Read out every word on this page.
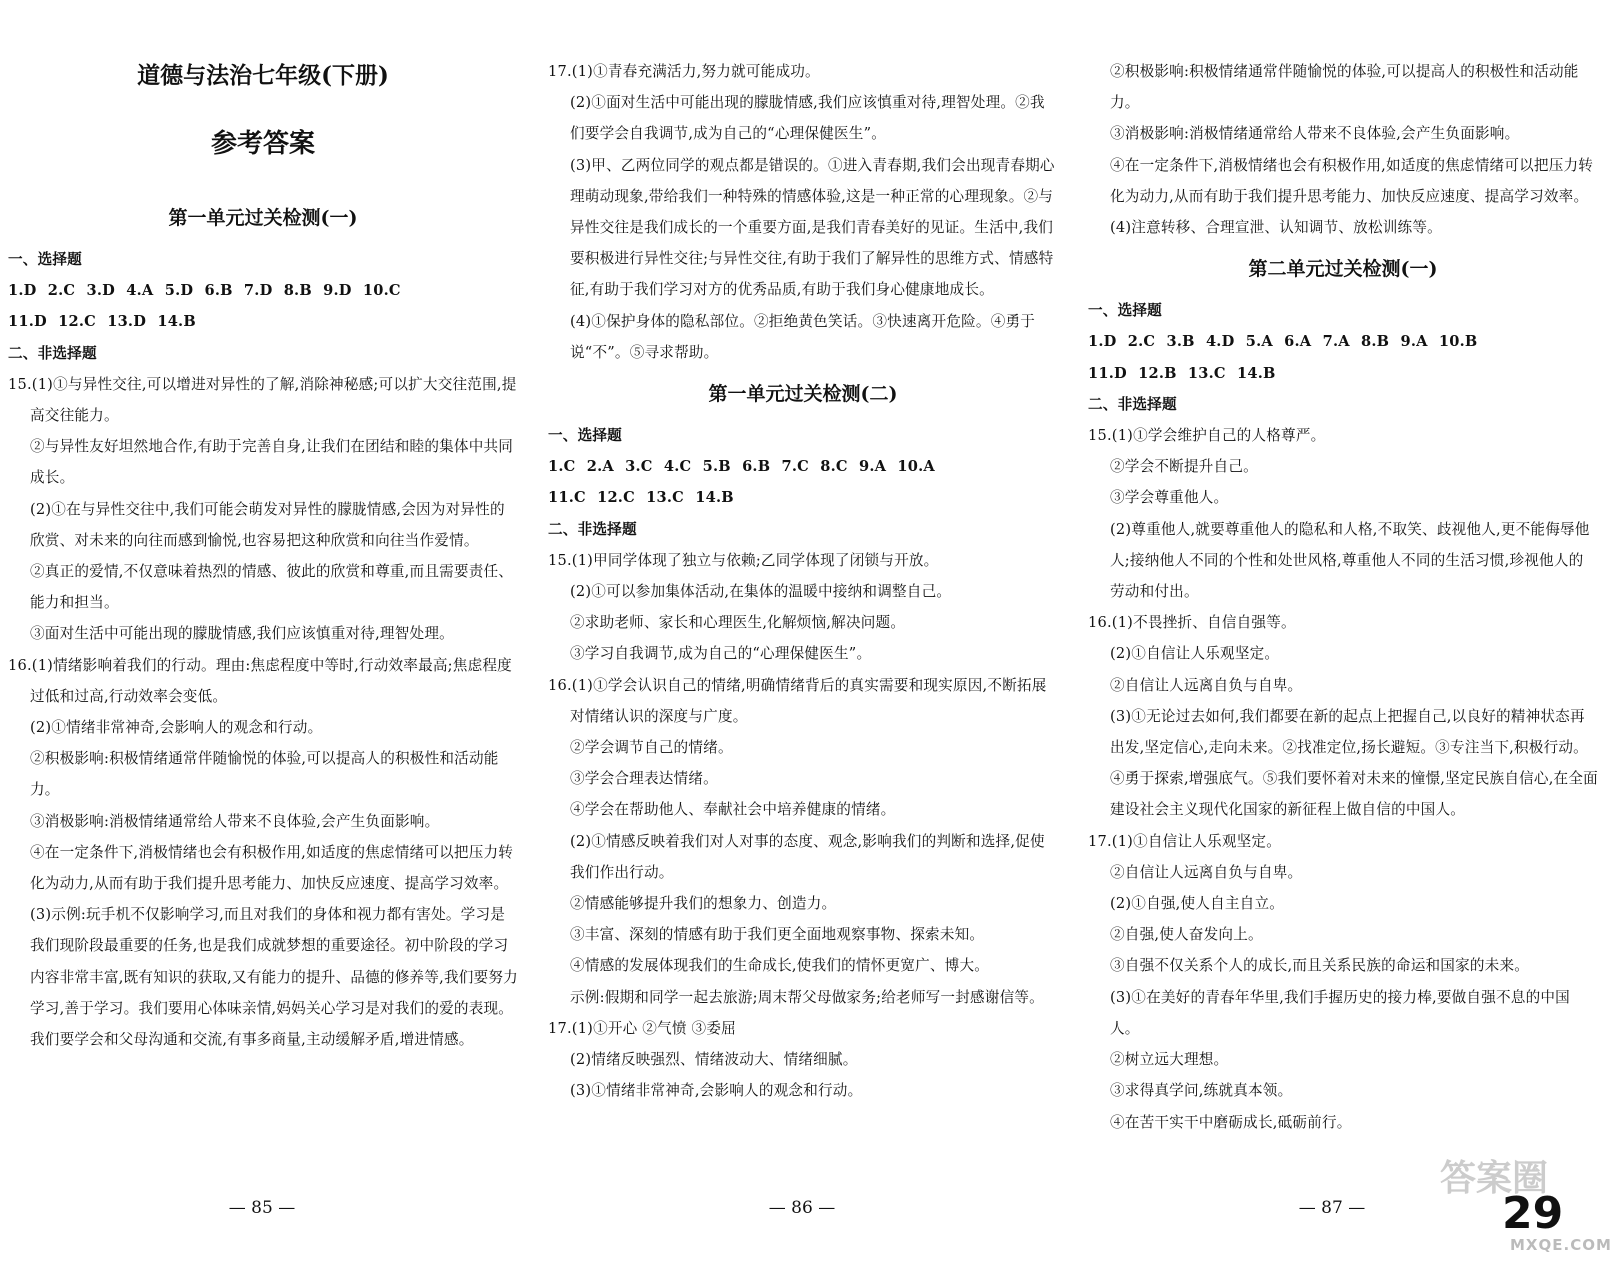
道德与法治七年级(下册)
参考答案
第一单元过关检测(一)
一、选择题
1.D 2.C 3.D 4.A 5.D 6.B 7.D 8.B 9.D 10.C
11.D 12.C 13.D 14.B
二、非选择题
15.(1)①与异性交往,可以增进对异性的了解,消除神秘感;可以扩大交往范围,提高交往能力。
②与异性友好坦然地合作,有助于完善自身,让我们在团结和睦的集体中共同成长。
(2)①在与异性交往中,我们可能会萌发对异性的朦胧情感,会因为对异性的欣赏、对未来的向往而感到愉悦,也容易把这种欣赏和向往当作爱情。
②真正的爱情,不仅意味着热烈的情感、彼此的欣赏和尊重,而且需要责任、能力和担当。
③面对生活中可能出现的朦胧情感,我们应该慎重对待,理智处理。
16.(1)情绪影响着我们的行动。理由:焦虑程度中等时,行动效率最高;焦虑程度过低和过高,行动效率会变低。
(2)①情绪非常神奇,会影响人的观念和行动。
②积极影响:积极情绪通常伴随愉悦的体验,可以提高人的积极性和活动能力。
③消极影响:消极情绪通常给人带来不良体验,会产生负面影响。
④在一定条件下,消极情绪也会有积极作用,如适度的焦虑情绪可以把压力转化为动力,从而有助于我们提升思考能力、加快反应速度、提高学习效率。
(3)示例:玩手机不仅影响学习,而且对我们的身体和视力都有害处。学习是我们现阶段最重要的任务,也是我们成就梦想的重要途径。初中阶段的学习内容非常丰富,既有知识的获取,又有能力的提升、品德的修养等,我们要努力学习,善于学习。我们要用心体味亲情,妈妈关心学习是对我们的爱的表现。我们要学会和父母沟通和交流,有事多商量,主动缓解矛盾,增进情感。
17.(1)①青春充满活力,努力就可能成功。
(2)①面对生活中可能出现的朦胧情感,我们应该慎重对待,理智处理。②我们要学会自我调节,成为自己的“心理保健医生”。
(3)甲、乙两位同学的观点都是错误的。①进入青春期,我们会出现青春期心理萌动现象,带给我们一种特殊的情感体验,这是一种正常的心理现象。②与异性交往是我们成长的一个重要方面,是我们青春美好的见证。生活中,我们要积极进行异性交往;与异性交往,有助于我们了解异性的思维方式、情感特征,有助于我们学习对方的优秀品质,有助于我们身心健康地成长。
(4)①保护身体的隐私部位。②拒绝黄色笑话。③快速离开危险。④勇于说“不”。⑤寻求帮助。
第一单元过关检测(二)
一、选择题
1.C 2.A 3.C 4.C 5.B 6.B 7.C 8.C 9.A 10.A
11.C 12.C 13.C 14.B
二、非选择题
15.(1)甲同学体现了独立与依赖;乙同学体现了闭锁与开放。
(2)①可以参加集体活动,在集体的温暖中接纳和调整自己。
②求助老师、家长和心理医生,化解烦恼,解决问题。
③学习自我调节,成为自己的“心理保健医生”。
16.(1)①学会认识自己的情绪,明确情绪背后的真实需要和现实原因,不断拓展对情绪认识的深度与广度。
②学会调节自己的情绪。
③学会合理表达情绪。
④学会在帮助他人、奉献社会中培养健康的情绪。
(2)①情感反映着我们对人对事的态度、观念,影响我们的判断和选择,促使我们作出行动。
②情感能够提升我们的想象力、创造力。
③丰富、深刻的情感有助于我们更全面地观察事物、探索未知。
④情感的发展体现我们的生命成长,使我们的情怀更宽广、博大。
示例:假期和同学一起去旅游;周末帮父母做家务;给老师写一封感谢信等。
17.(1)①开心 ②气愤 ③委屈
(2)情绪反映强烈、情绪波动大、情绪细腻。
(3)①情绪非常神奇,会影响人的观念和行动。
②积极影响:积极情绪通常伴随愉悦的体验,可以提高人的积极性和活动能力。
③消极影响:消极情绪通常给人带来不良体验,会产生负面影响。
④在一定条件下,消极情绪也会有积极作用,如适度的焦虑情绪可以把压力转化为动力,从而有助于我们提升思考能力、加快反应速度、提高学习效率。
(4)注意转移、合理宣泄、认知调节、放松训练等。
第二单元过关检测(一)
一、选择题
1.D 2.C 3.B 4.D 5.A 6.A 7.A 8.B 9.A 10.B
11.D 12.B 13.C 14.B
二、非选择题
15.(1)①学会维护自己的人格尊严。
②学会不断提升自己。
③学会尊重他人。
(2)尊重他人,就要尊重他人的隐私和人格,不取笑、歧视他人,更不能侮辱他人;接纳他人不同的个性和处世风格,尊重他人不同的生活习惯,珍视他人的劳动和付出。
16.(1)不畏挫折、自信自强等。
(2)①自信让人乐观坚定。
②自信让人远离自负与自卑。
(3)①无论过去如何,我们都要在新的起点上把握自己,以良好的精神状态再出发,坚定信心,走向未来。②找准定位,扬长避短。③专注当下,积极行动。④勇于探索,增强底气。⑤我们要怀着对未来的憧憬,坚定民族自信心,在全面建设社会主义现代化国家的新征程上做自信的中国人。
17.(1)①自信让人乐观坚定。
②自信让人远离自负与自卑。
(2)①自强,使人自主自立。
②自强,使人奋发向上。
③自强不仅关系个人的成长,而且关系民族的命运和国家的未来。
(3)①在美好的青春年华里,我们手握历史的接力棒,要做自强不息的中国人。
②树立远大理想。
③求得真学问,练就真本领。
④在苦干实干中磨砺成长,砥砺前行。
— 85 —	— 86 —	— 87 —
答案圈
29
MXQE.COM
